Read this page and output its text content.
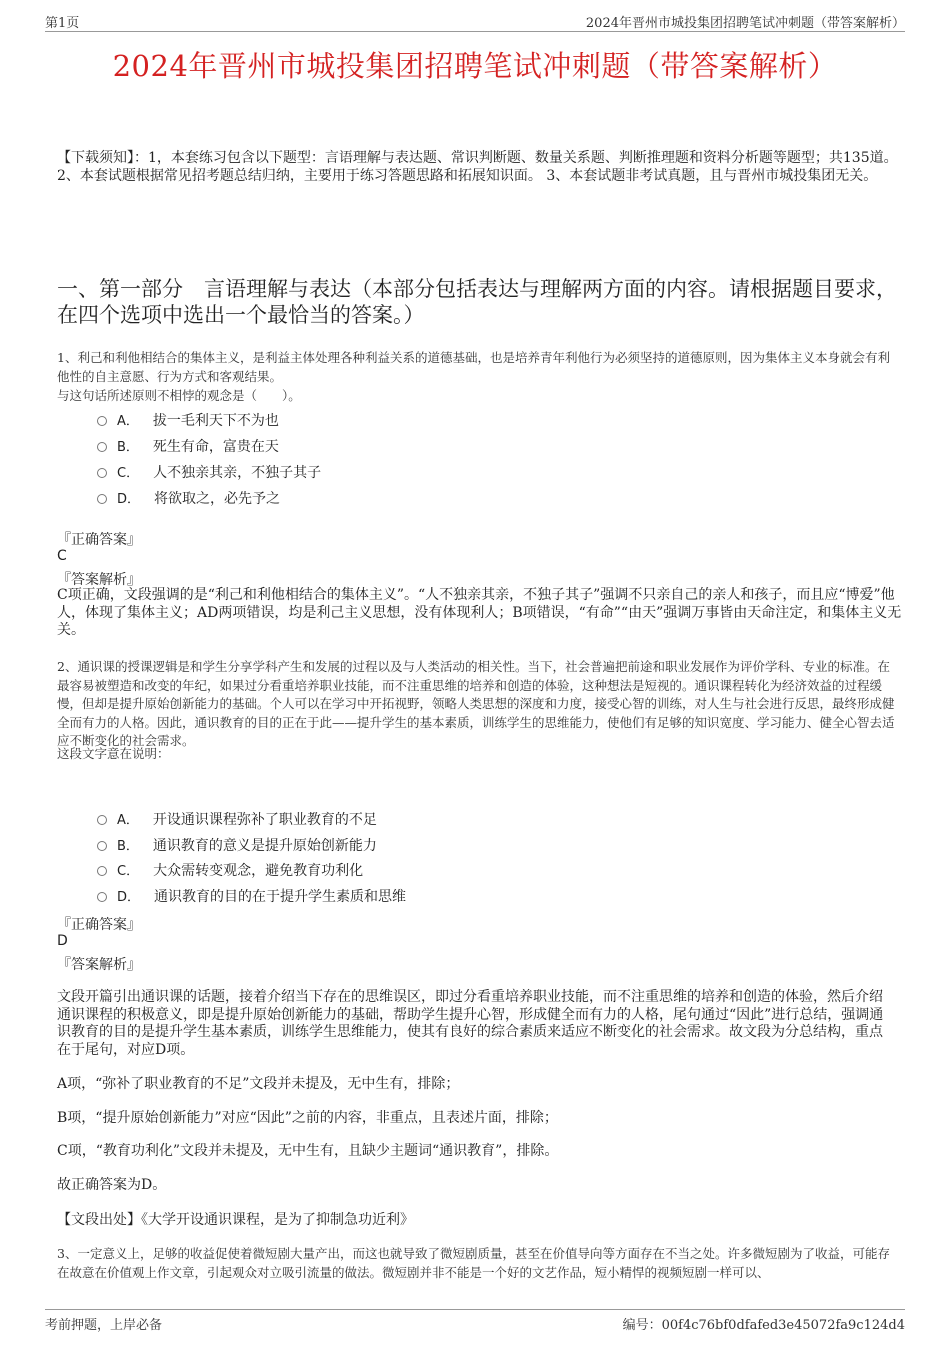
第1页	2024年晋州市城投集团招聘笔试冲刺题（带答案解析）
2024年晋州市城投集团招聘笔试冲刺题（带答案解析）
【下载须知】：1，本套练习包含以下题型：言语理解与表达题、常识判断题、数量关系题、判断推理题和资料分析题等题型；共135道。 2、本套试题根据常见招考题总结归纳，主要用于练习答题思路和拓展知识面。 3、本套试题非考试真题，且与晋州市城投集团无关。
一、第一部分　言语理解与表达（本部分包括表达与理解两方面的内容。请根据题目要求，在四个选项中选出一个最恰当的答案。）
1、利己和利他相结合的集体主义，是利益主体处理各种利益关系的道德基础，也是培养青年利他行为必须坚持的道德原则，因为集体主义本身就会有利他性的自主意愿、行为方式和客观结果。
与这句话所述原则不相悖的观念是（　　）。
A． 拔一毛利天下不为也
B． 死生有命，富贵在天
C． 人不独亲其亲，不独子其子
D． 将欲取之，必先予之
『正确答案』
C
『答案解析』
C项正确，文段强调的是“利己和利他相结合的集体主义”。“人不独亲其亲，不独子其子”强调不只亲自己的亲人和孩子，而且应“博爱”他人，体现了集体主义；AD两项错误，均是利己主义思想，没有体现利人；B项错误，“有命”“由天”强调万事皆由天命注定，和集体主义无关。
2、通识课的授课逻辑是和学生分享学科产生和发展的过程以及与人类活动的相关性。当下，社会普遍把前途和职业发展作为评价学科、专业的标准。在最容易被塑造和改变的年纪，如果过分看重培养职业技能，而不注重思维的培养和创造的体验，这种想法是短视的。通识课程转化为经济效益的过程缓慢，但却是提升原始创新能力的基础。个人可以在学习中开拓视野，领略人类思想的深度和力度，接受心智的训练，对人生与社会进行反思，最终形成健全而有力的人格。因此，通识教育的目的正在于此——提升学生的基本素质，训练学生的思维能力，使他们有足够的知识宽度、学习能力、健全心智去适应不断变化的社会需求。
这段文字意在说明：
A． 开设通识课程弥补了职业教育的不足
B． 通识教育的意义是提升原始创新能力
C． 大众需转变观念，避免教育功利化
D． 通识教育的目的在于提升学生素质和思维
『正确答案』
D
『答案解析』
文段开篇引出通识课的话题，接着介绍当下存在的思维误区，即过分看重培养职业技能，而不注重思维的培养和创造的体验，然后介绍通识课程的积极意义，即是提升原始创新能力的基础，帮助学生提升心智，形成健全而有力的人格，尾句通过“因此”进行总结，强调通识教育的目的是提升学生基本素质，训练学生思维能力，使其有良好的综合素质来适应不断变化的社会需求。故文段为分总结构，重点在于尾句，对应D项。
A项，“弥补了职业教育的不足”文段并未提及，无中生有，排除；
B项，“提升原始创新能力”对应“因此”之前的内容，非重点，且表述片面，排除；
C项，“教育功利化”文段并未提及，无中生有，且缺少主题词“通识教育”，排除。
故正确答案为D。
【文段出处】《大学开设通识课程，是为了抑制急功近利》
3、一定意义上，足够的收益促使着微短剧大量产出，而这也就导致了微短剧质量，甚至在价值导向等方面存在不当之处。许多微短剧为了收益，可能存在故意在价值观上作文章，引起观众对立吸引流量的做法。微短剧并非不能是一个好的文艺作品，短小精悍的视频短剧一样可以、
考前押题，上岸必备	编号：00f4c76bf0dfafed3e45072fa9c124d4
